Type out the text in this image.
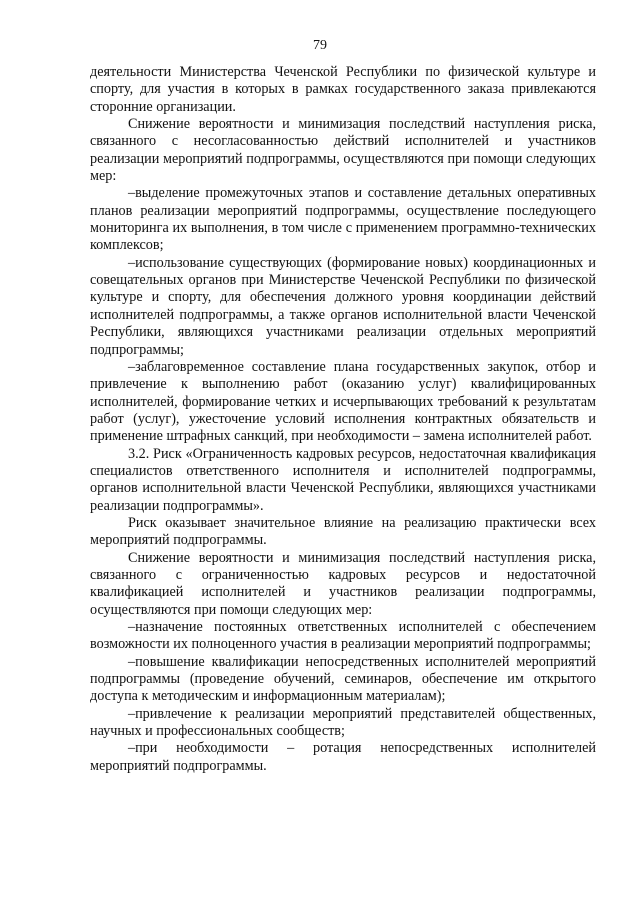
79

деятельности Министерства Чеченской Республики по физической культуре и спорту, для участия в которых в рамках государственного заказа привлекаются сторонние организации.

Снижение вероятности и минимизация последствий наступления риска, связанного с несогласованностью действий исполнителей и участников реализации мероприятий подпрограммы, осуществляются при помощи следующих мер:

–выделение промежуточных этапов и составление детальных оперативных планов реализации мероприятий подпрограммы, осуществление последующего мониторинга их выполнения, в том числе с применением программно-технических комплексов;

–использование существующих (формирование новых) координационных и совещательных органов при Министерстве Чеченской Республики по физической культуре и спорту, для обеспечения должного уровня координации действий исполнителей подпрограммы, а также органов исполнительной власти Чеченской Республики, являющихся участниками реализации отдельных мероприятий подпрограммы;

–заблаговременное составление плана государственных закупок, отбор и привлечение к выполнению работ (оказанию услуг) квалифицированных исполнителей, формирование четких и исчерпывающих требований к результатам работ (услуг), ужесточение условий исполнения контрактных обязательств и применение штрафных санкций, при необходимости – замена исполнителей работ.

3.2. Риск «Ограниченность кадровых ресурсов, недостаточная квалификация специалистов ответственного исполнителя и исполнителей подпрограммы, органов исполнительной власти Чеченской Республики, являющихся участниками реализации подпрограммы».

Риск оказывает значительное влияние на реализацию практически всех мероприятий подпрограммы.

Снижение вероятности и минимизация последствий наступления риска, связанного с ограниченностью кадровых ресурсов и недостаточной квалификацией исполнителей и участников реализации подпрограммы, осуществляются при помощи следующих мер:

–назначение постоянных ответственных исполнителей с обеспечением возможности их полноценного участия в реализации мероприятий подпрограммы;

–повышение квалификации непосредственных исполнителей мероприятий подпрограммы (проведение обучений, семинаров, обеспечение им открытого доступа к методическим и информационным материалам);

–привлечение к реализации мероприятий представителей общественных, научных и профессиональных сообществ;

–при необходимости – ротация непосредственных исполнителей мероприятий подпрограммы.
